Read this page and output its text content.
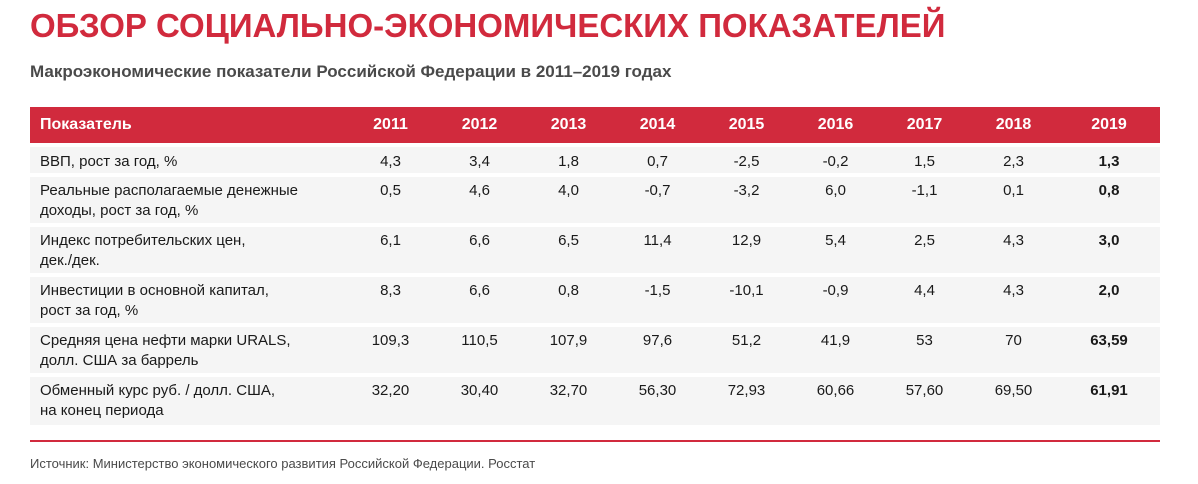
ОБЗОР СОЦИАЛЬНО-ЭКОНОМИЧЕСКИХ ПОКАЗАТЕЛЕЙ
Макроэкономические показатели Российской Федерации в 2011–2019 годах
Показатель	2011	2012	2013	2014	2015	2016	2017	2018	2019
ВВП, рост за год, %	4,3	3,4	1,8	0,7	-2,5	-0,2	1,5	2,3	1,3
Реальные располагаемые денежные
доходы, рост за год, %	0,5	4,6	4,0	-0,7	-3,2	6,0	-1,1	0,1	0,8
Индекс потребительских цен,
дек./дек.	6,1	6,6	6,5	11,4	12,9	5,4	2,5	4,3	3,0
Инвестиции в основной капитал,
рост за год, %	8,3	6,6	0,8	-1,5	-10,1	-0,9	4,4	4,3	2,0
Средняя цена нефти марки URALS,
долл. США за баррель	109,3	110,5	107,9	97,6	51,2	41,9	53	70	63,59
Обменный курс руб. / долл. США,
на конец периода	32,20	30,40	32,70	56,30	72,93	60,66	57,60	69,50	61,91

Источник: Министерство экономического развития Российской Федерации. Росстат
